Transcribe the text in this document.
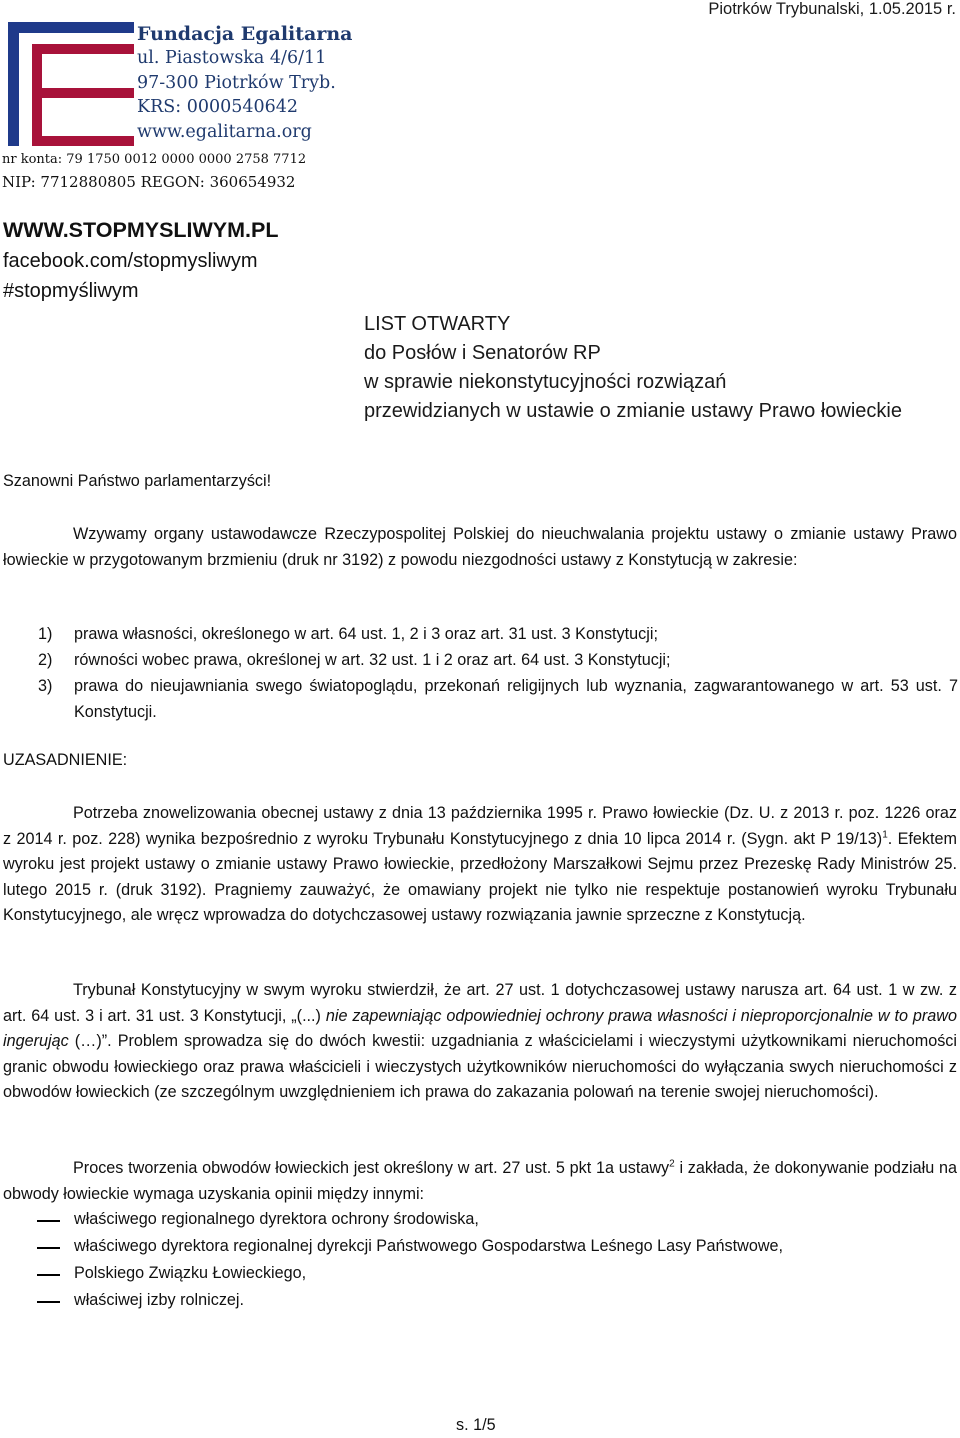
Fundacja Egalitarna
ul. Piastowska 4/6/11
97-300 Piotrków Tryb.
KRS: 0000540642
www.egalitarna.org
nr konta: 79 1750 0012 0000 0000 2758 7712
NIP: 7712880805 REGON: 360654932
Piotrków Trybunalski, 1.05.2015 r.
WWW.STOPMYSLIWYM.PL
facebook.com/stopmysliwym
#stopmyśliwym
LIST OTWARTY
do Posłów i Senatorów RP
w sprawie niekonstytucyjności rozwiązań
przewidzianych w ustawie o zmianie ustawy Prawo łowieckie
Szanowni Państwo parlamentarzyści!
Wzywamy organy ustawodawcze Rzeczypospolitej Polskiej do nieuchwalania projektu ustawy o zmianie ustawy Prawo łowieckie w przygotowanym brzmieniu (druk nr 3192) z powodu niezgodności ustawy z Konstytucją w zakresie:
1) prawa własności, określonego w art. 64 ust. 1, 2 i 3 oraz art. 31 ust. 3 Konstytucji;
2) równości wobec prawa, określonej w art. 32 ust. 1 i 2 oraz art. 64 ust. 3 Konstytucji;
3) prawa do nieujawniania swego światopoglądu, przekonań religijnych lub wyznania, zagwarantowanego w art. 53 ust. 7 Konstytucji.
UZASADNIENIE:
Potrzeba znowelizowania obecnej ustawy z dnia 13 października 1995 r. Prawo łowieckie (Dz. U. z 2013 r. poz. 1226 oraz z 2014 r. poz. 228) wynika bezpośrednio z wyroku Trybunału Konstytucyjnego z dnia 10 lipca 2014 r. (Sygn. akt P 19/13)$^1$. Efektem wyroku jest projekt ustawy o zmianie ustawy Prawo łowieckie, przedłożony Marszałkowi Sejmu przez Prezeskę Rady Ministrów 25. lutego 2015 r. (druk 3192). Pragniemy zauważyć, że omawiany projekt nie tylko nie respektuje postanowień wyroku Trybunału Konstytucyjnego, ale wręcz wprowadza do dotychczasowej ustawy rozwiązania jawnie sprzeczne z Konstytucją.
Trybunał Konstytucyjny w swym wyroku stwierdził, że art. 27 ust. 1 dotychczasowej ustawy narusza art. 64 ust. 1 w zw. z art. 64 ust. 3 i art. 31 ust. 3 Konstytucji, „(...) nie zapewniając odpowiedniej ochrony prawa własności i nieproporcjonalnie w to prawo ingerując (…)”. Problem sprowadza się do dwóch kwestii: uzgadniania z właścicielami i wieczystymi użytkownikami nieruchomości granic obwodu łowieckiego oraz prawa właścicieli i wieczystych użytkowników nieruchomości do wyłączania swych nieruchomości z obwodów łowieckich (ze szczególnym uwzględnieniem ich prawa do zakazania polowań na terenie swojej nieruchomości).
Proces tworzenia obwodów łowieckich jest określony w art. 27 ust. 5 pkt 1a ustawy$^2$ i zakłada, że dokonywanie podziału na obwody łowieckie wymaga uzyskania opinii między innymi:
właściwego regionalnego dyrektora ochrony środowiska,
właściwego dyrektora regionalnej dyrekcji Państwowego Gospodarstwa Leśnego Lasy Państwowe,
Polskiego Związku Łowieckiego,
właściwej izby rolniczej.
s. 1/5
